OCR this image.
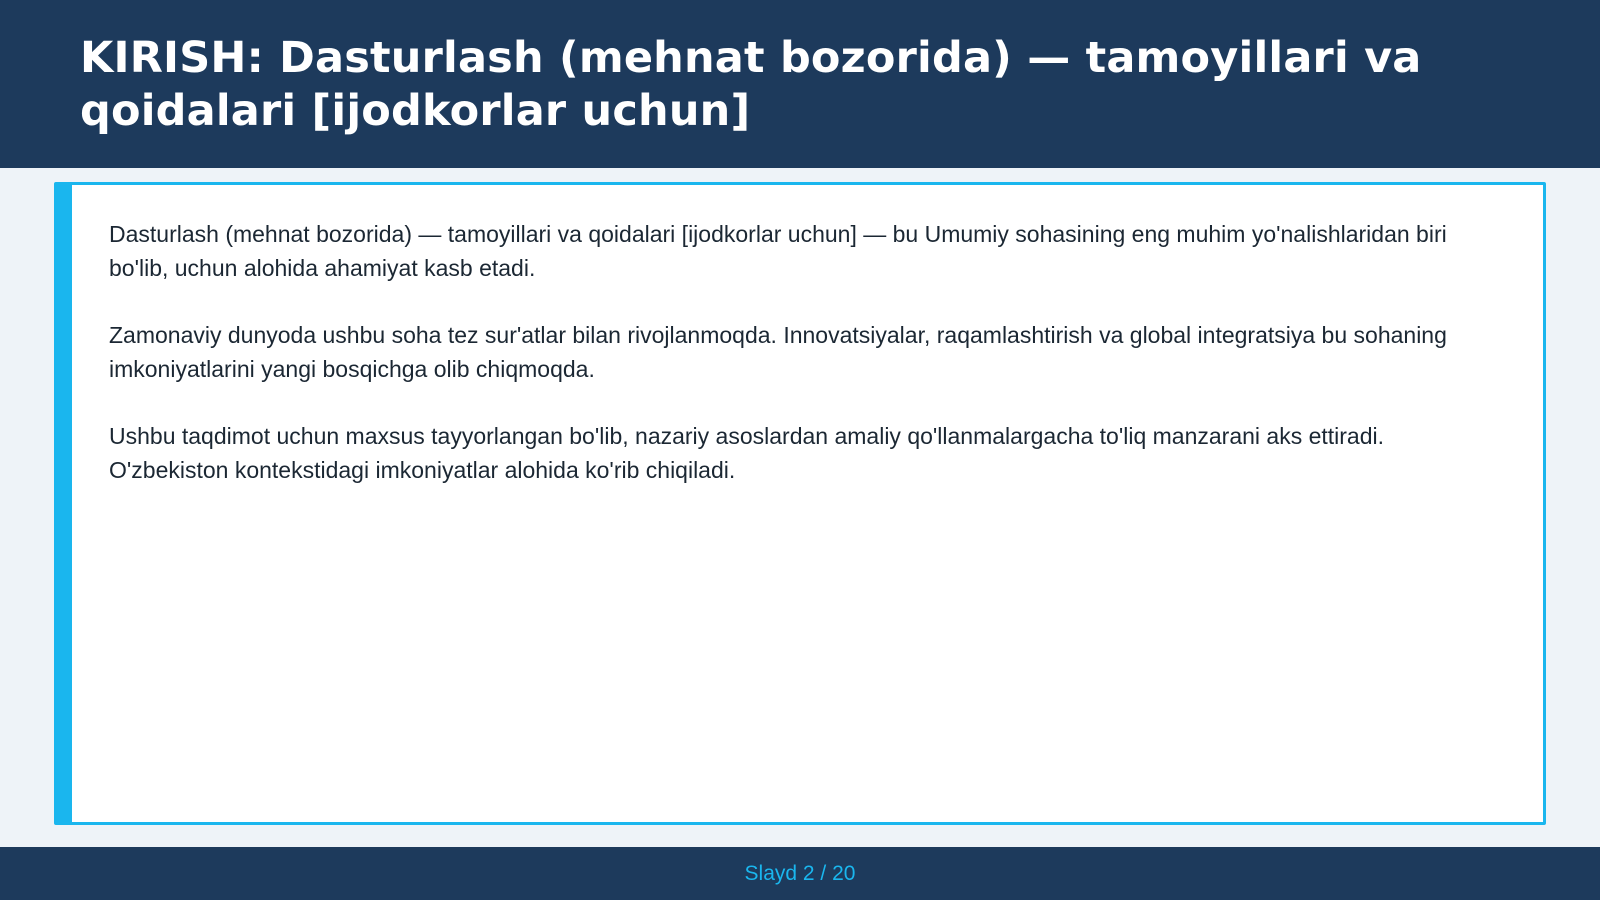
KIRISH: Dasturlash (mehnat bozorida) — tamoyillari va qoidalari [ijodkorlar uchun]

Dasturlash (mehnat bozorida) — tamoyillari va qoidalari [ijodkorlar uchun] — bu Umumiy sohasining eng muhim yo'nalishlaridan biri bo'lib, uchun alohida ahamiyat kasb etadi.

Zamonaviy dunyoda ushbu soha tez sur'atlar bilan rivojlanmoqda. Innovatsiyalar, raqamlashtirish va global integratsiya bu sohaning imkoniyatlarini yangi bosqichga olib chiqmoqda.

Ushbu taqdimot uchun maxsus tayyorlangan bo'lib, nazariy asoslardan amaliy qo'llanmalargacha to'liq manzarani aks ettiradi. O'zbekiston kontekstidagi imkoniyatlar alohida ko'rib chiqiladi.

Slayd 2 / 20
